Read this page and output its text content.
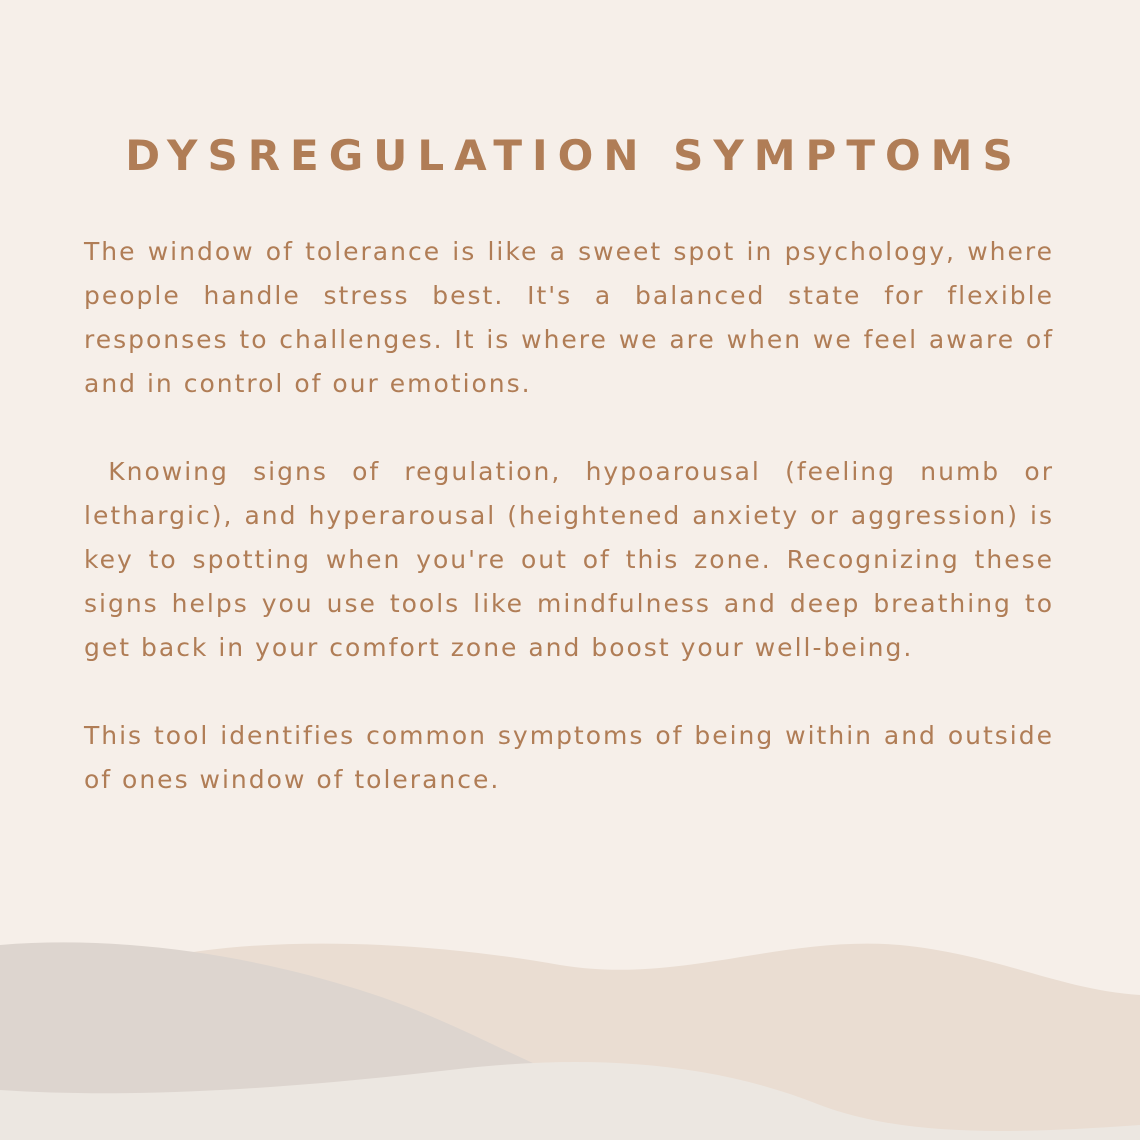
DYSREGULATION SYMPTOMS

The window of tolerance is like a sweet spot in psychology, where people handle stress best. It's a balanced state for flexible responses to challenges. It is where we are when we feel aware of and in control of our emotions.

Knowing signs of regulation, hypoarousal (feeling numb or lethargic), and hyperarousal (heightened anxiety or aggression) is key to spotting when you're out of this zone. Recognizing these signs helps you use tools like mindfulness and deep breathing to get back in your comfort zone and boost your well-being.

This tool identifies common symptoms of being within and outside of ones window of tolerance.
